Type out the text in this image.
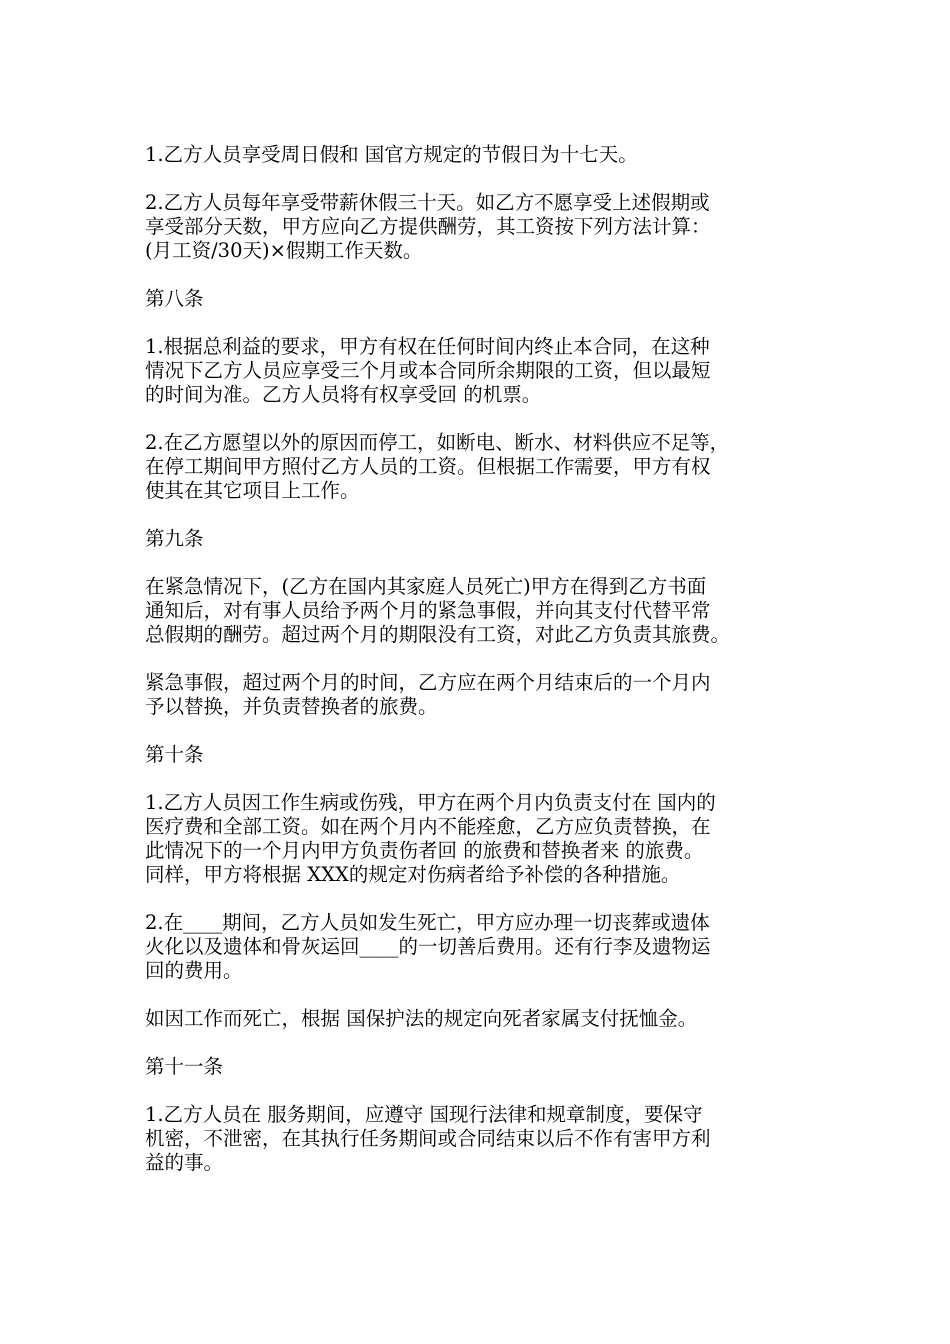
1.乙方人员享受周日假和 国官方规定的节假日为十七天。

2.乙方人员每年享受带薪休假三十天。如乙方不愿享受上述假期或
享受部分天数，甲方应向乙方提供酬劳，其工资按下列方法计算：
(月工资/30天)×假期工作天数。

第八条

1.根据总利益的要求，甲方有权在任何时间内终止本合同，在这种
情况下乙方人员应享受三个月或本合同所余期限的工资，但以最短
的时间为准。乙方人员将有权享受回 的机票。

2.在乙方愿望以外的原因而停工，如断电、断水、材料供应不足等，
在停工期间甲方照付乙方人员的工资。但根据工作需要，甲方有权
使其在其它项目上工作。

第九条

在紧急情况下，(乙方在国内其家庭人员死亡)甲方在得到乙方书面
通知后，对有事人员给予两个月的紧急事假，并向其支付代替平常
总假期的酬劳。超过两个月的期限没有工资，对此乙方负责其旅费。

紧急事假，超过两个月的时间，乙方应在两个月结束后的一个月内
予以替换，并负责替换者的旅费。

第十条

1.乙方人员因工作生病或伤残，甲方在两个月内负责支付在 国内的
医疗费和全部工资。如在两个月内不能痊愈，乙方应负责替换，在
此情况下的一个月内甲方负责伤者回 的旅费和替换者来 的旅费。
同样，甲方将根据 XXX的规定对伤病者给予补偿的各种措施。

2.在____期间，乙方人员如发生死亡，甲方应办理一切丧葬或遗体
火化以及遗体和骨灰运回____的一切善后费用。还有行李及遗物运
回的费用。

如因工作而死亡，根据 国保护法的规定向死者家属支付抚恤金。

第十一条

1.乙方人员在 服务期间，应遵守 国现行法律和规章制度，要保守
机密，不泄密，在其执行任务期间或合同结束以后不作有害甲方利
益的事。
